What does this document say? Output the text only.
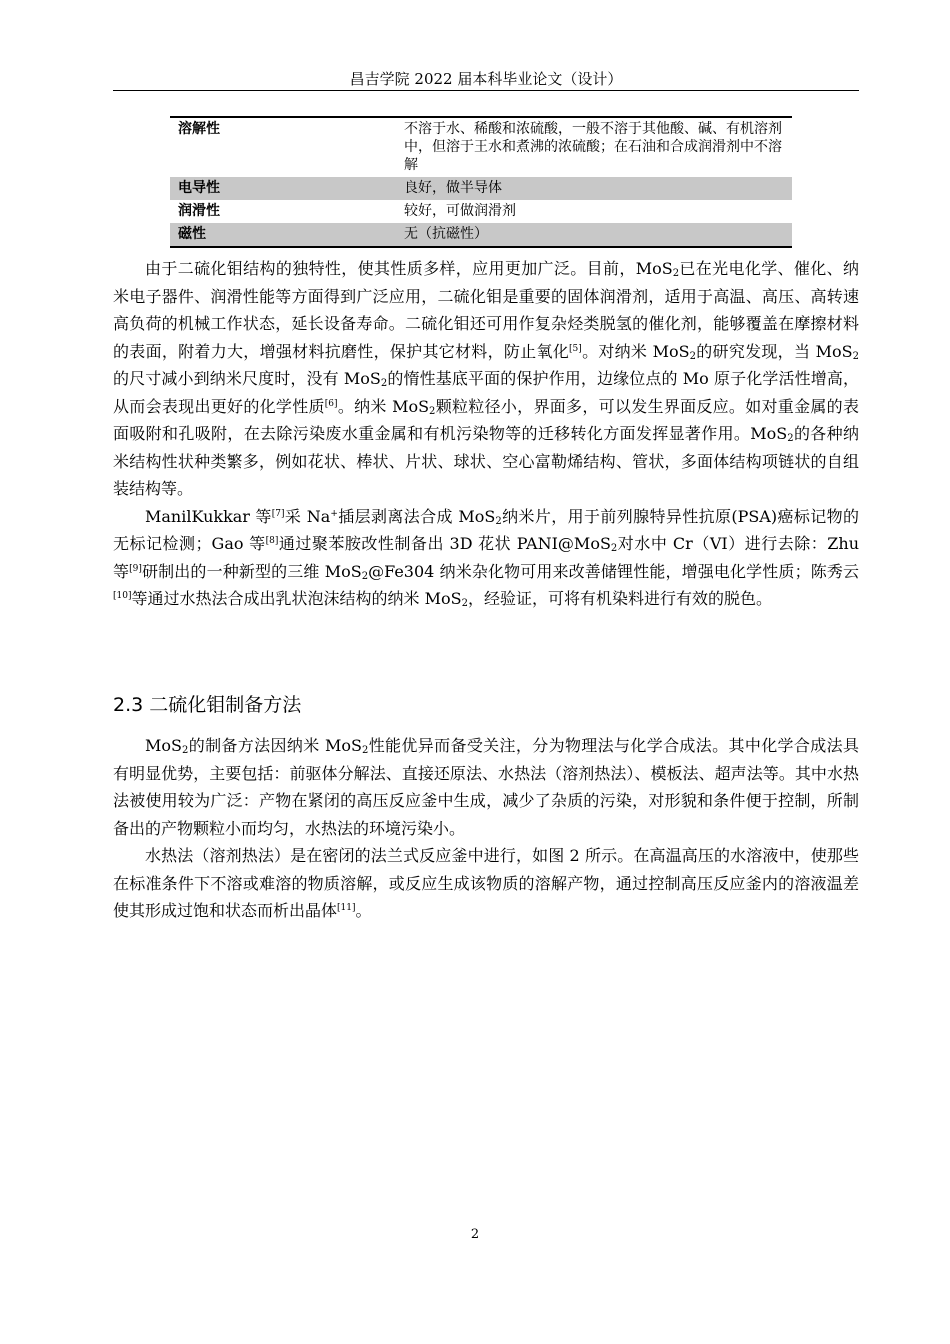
昌吉学院 2022 届本科毕业论文（设计）
溶解性	不溶于水、稀酸和浓硫酸，一般不溶于其他酸、碱、有机溶剂中，但溶于王水和煮沸的浓硫酸；在石油和合成润滑剂中不溶解
电导性	良好，做半导体
润滑性	较好，可做润滑剂
磁性	无（抗磁性）

由于二硫化钼结构的独特性，使其性质多样，应用更加广泛。目前，MoS$_2$已在光电化学、催化、纳米电子器件、润滑性能等方面得到广泛应用，二硫化钼是重要的固体润滑剂，适用于高温、高压、高转速高负荷的机械工作状态，延长设备寿命。二硫化钼还可用作复杂烃类脱氢的催化剂，能够覆盖在摩擦材料的表面，附着力大，增强材料抗磨性，保护其它材料，防止氧化[5]。对纳米 MoS$_2$的研究发现，当 MoS$_2$的尺寸减小到纳米尺度时，没有 MoS$_2$的惰性基底平面的保护作用，边缘位点的 Mo 原子化学活性增高，从而会表现出更好的化学性质[6]。纳米 MoS$_2$颗粒粒径小，界面多，可以发生界面反应。如对重金属的表面吸附和孔吸附，在去除污染废水重金属和有机污染物等的迁移转化方面发挥显著作用。MoS$_2$的各种纳米结构性状种类繁多，例如花状、棒状、片状、球状、空心富勒烯结构、管状，多面体结构项链状的自组装结构等。

ManilKukkar 等[7]采 Na+插层剥离法合成 MoS$_2$纳米片，用于前列腺特异性抗原(PSA)癌标记物的无标记检测；Gao 等[8]通过聚苯胺改性制备出 3D 花状 PANI@MoS$_2$对水中 Cr（VI）进行去除：Zhu 等[9]研制出的一种新型的三维 MoS$_2$@Fe304 纳米杂化物可用来改善储锂性能，增强电化学性质；陈秀云[10]等通过水热法合成出乳状泡沫结构的纳米 MoS$_2$，经验证，可将有机染料进行有效的脱色。

2.3 二硫化钼制备方法

MoS$_2$的制备方法因纳米 MoS$_2$性能优异而备受关注，分为物理法与化学合成法。其中化学合成法具有明显优势，主要包括：前驱体分解法、直接还原法、水热法（溶剂热法）、模板法、超声法等。其中水热法被使用较为广泛：产物在紧闭的高压反应釜中生成，减少了杂质的污染，对形貌和条件便于控制，所制备出的产物颗粒小而均匀，水热法的环境污染小。

水热法（溶剂热法）是在密闭的法兰式反应釜中进行，如图 2 所示。在高温高压的水溶液中，使那些在标准条件下不溶或难溶的物质溶解，或反应生成该物质的溶解产物，通过控制高压反应釜内的溶液温差使其形成过饱和状态而析出晶体[11]。

2
